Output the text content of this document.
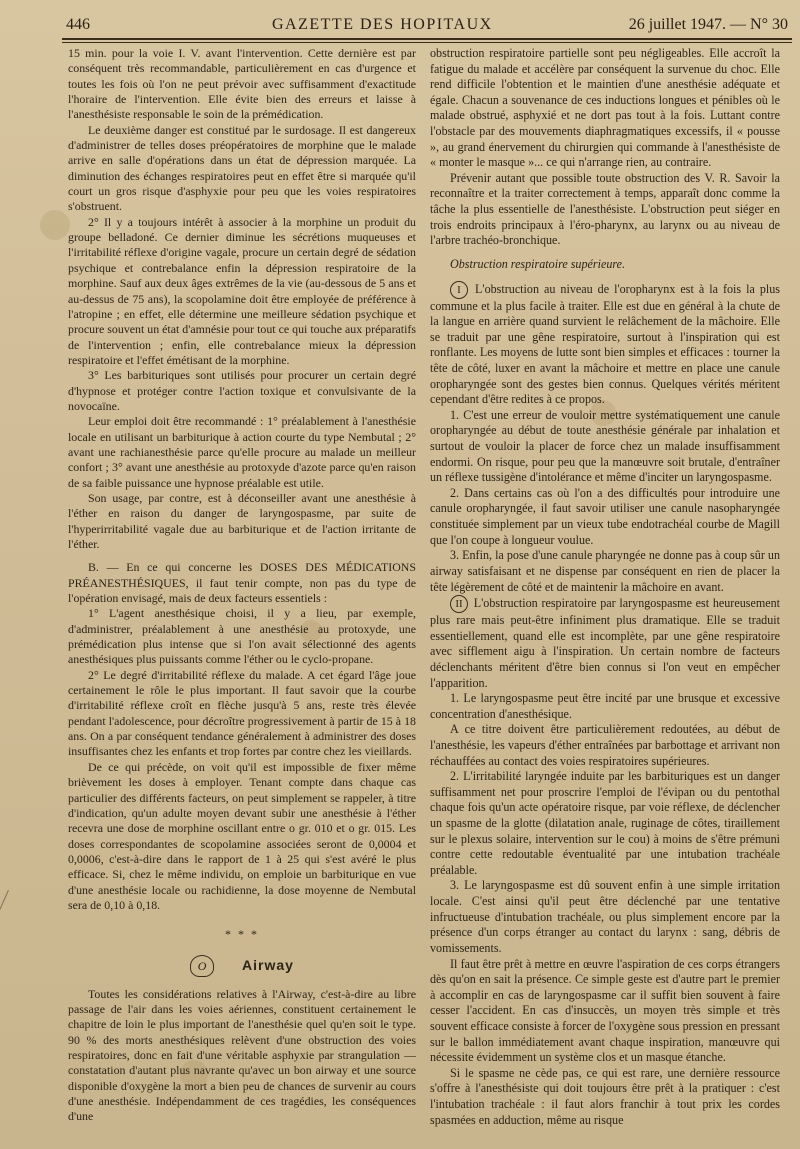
446	GAZETTE DES HOPITAUX	26 juillet 1947. — N° 30

15 min. pour la voie I. V. avant l'intervention. Cette dernière est par conséquent très recommandable, particulièrement en cas d'urgence et toutes les fois où l'on ne peut prévoir avec suffisamment d'exactitude l'horaire de l'intervention. Elle évite bien des erreurs et laisse à l'anesthésiste responsable le soin de la prémédication.

Le deuxième danger est constitué par le surdosage. Il est dangereux d'administrer de telles doses préopératoires de morphine que le malade arrive en salle d'opérations dans un état de dépression marquée. La diminution des échanges respiratoires peut en effet être si marquée qu'il court un gros risque d'asphyxie pour peu que les voies respiratoires s'obstruent.

2° Il y a toujours intérêt à associer à la morphine un produit du groupe belladoné. Ce dernier diminue les sécrétions muqueuses et l'irritabilité réflexe d'origine vagale, procure un certain degré de sédation psychique et contrebalance enfin la dépression respiratoire de la morphine. Sauf aux deux âges extrêmes de la vie (au-dessous de 5 ans et au-dessus de 75 ans), la scopolamine doit être employée de préférence à l'atropine ; en effet, elle détermine une meilleure sédation psychique et procure souvent un état d'amnésie pour tout ce qui touche aux préparatifs de l'intervention ; enfin, elle contrebalance mieux la dépression respiratoire et l'effet émétisant de la morphine.

3° Les barbituriques sont utilisés pour procurer un certain degré d'hypnose et protéger contre l'action toxique et convulsivante de la novocaïne.

Leur emploi doit être recommandé : 1° préalablement à l'anesthésie locale en utilisant un barbiturique à action courte du type Nembutal ; 2° avant une rachianesthésie parce qu'elle procure au malade un meilleur confort ; 3° avant une anesthésie au protoxyde d'azote parce qu'en raison de sa faible puissance une hypnose préalable est utile.

Son usage, par contre, est à déconseiller avant une anesthésie à l'éther en raison du danger de laryngospasme, par suite de l'hyperirritabilité vagale due au barbiturique et de l'action irritante de l'éther.

B. — En ce qui concerne les DOSES DES MÉDICATIONS PRÉANESTHÉSIQUES, il faut tenir compte, non pas du type de l'opération envisagé, mais de deux facteurs essentiels :

1° L'agent anesthésique choisi, il y a lieu, par exemple, d'administrer, préalablement à une anesthésie au protoxyde, une prémédication plus intense que si l'on avait sélectionné des agents anesthésiques plus puissants comme l'éther ou le cyclo-propane.

2° Le degré d'irritabilité réflexe du malade. A cet égard l'âge joue certainement le rôle le plus important. Il faut savoir que la courbe d'irritabilité réflexe croît en flèche jusqu'à 5 ans, reste très élevée pendant l'adolescence, pour décroître progressivement à partir de 15 à 18 ans. On a par conséquent tendance généralement à administrer des doses insuffisantes chez les enfants et trop fortes par contre chez les vieillards.

De ce qui précède, on voit qu'il est impossible de fixer même brièvement les doses à employer. Tenant compte dans chaque cas particulier des différents facteurs, on peut simplement se rappeler, à titre d'indication, qu'un adulte moyen devant subir une anesthésie à l'éther recevra une dose de morphine oscillant entre o gr. 010 et o gr. 015. Les doses correspondantes de scopolamine associées seront de 0,0004 et 0,0006, c'est-à-dire dans le rapport de 1 à 25 qui s'est avéré le plus efficace. Si, chez le même individu, on emploie un barbiturique en vue d'une anesthésie locale ou rachidienne, la dose moyenne de Nembutal sera de 0,10 à 0,18.

* * *
O	Airway

Toutes les considérations relatives à l'Airway, c'est-à-dire au libre passage de l'air dans les voies aériennes, constituent certainement le chapitre de loin le plus important de l'anesthésie quel qu'en soit le type. 90 % des morts anesthésiques relèvent d'une obstruction des voies respiratoires, donc en fait d'une véritable asphyxie par strangulation — constatation d'autant plus navrante qu'avec un bon airway et une source disponible d'oxygène la mort a bien peu de chances de survenir au cours d'une anesthésie. Indépendamment de ces tragédies, les conséquences d'une

obstruction respiratoire partielle sont peu négligeables. Elle accroît la fatigue du malade et accélère par conséquent la survenue du choc. Elle rend difficile l'obtention et le maintien d'une anesthésie adéquate et égale. Chacun a souvenance de ces inductions longues et pénibles où le malade obstrué, asphyxié et ne dort pas tout à la fois. Luttant contre l'obstacle par des mouvements diaphragmatiques excessifs, il « pousse », au grand énervement du chirurgien qui commande à l'anesthésiste de « monter le masque »... ce qui n'arrange rien, au contraire.

Prévenir autant que possible toute obstruction des V. R. Savoir la reconnaître et la traiter correctement à temps, apparaît donc comme la tâche la plus essentielle de l'anesthésiste. L'obstruction peut siéger en trois endroits principaux à l'éro-pharynx, au larynx ou au niveau de l'arbre trachéo-bronchique.

Obstruction respiratoire supérieure.

I L'obstruction au niveau de l'oropharynx est à la fois la plus commune et la plus facile à traiter. Elle est due en général à la chute de la langue en arrière quand survient le relâchement de la mâchoire. Elle se traduit par une gêne respiratoire, surtout à l'inspiration qui est ronflante. Les moyens de lutte sont bien simples et efficaces : tourner la tête de côté, luxer en avant la mâchoire et mettre en place une canule oropharyngée sont des gestes bien connus. Quelques vérités méritent cependant d'être redites à ce propos.

1. C'est une erreur de vouloir mettre systématiquement une canule oropharyngée au début de toute anesthésie générale par inhalation et surtout de vouloir la placer de force chez un malade insuffisamment endormi. On risque, pour peu que la manœuvre soit brutale, d'entraîner un réflexe tussigène d'intolérance et même d'inciter un laryngospasme.

2. Dans certains cas où l'on a des difficultés pour introduire une canule oropharyngée, il faut savoir utiliser une canule nasopharyngée constituée simplement par un vieux tube endotrachéal courbe de Magill que l'on coupe à longueur voulue.

3. Enfin, la pose d'une canule pharyngée ne donne pas à coup sûr un airway satisfaisant et ne dispense par conséquent en rien de placer la tête légèrement de côté et de maintenir la mâchoire en avant.

II L'obstruction respiratoire par laryngospasme est heureusement plus rare mais peut-être infiniment plus dramatique. Elle se traduit essentiellement, quand elle est incomplète, par une gêne respiratoire avec sifflement aigu à l'inspiration. Un certain nombre de facteurs déclenchants méritent d'être bien connus si l'on veut en empêcher l'apparition.

1. Le laryngospasme peut être incité par une brusque et excessive concentration d'anesthésique.

A ce titre doivent être particulièrement redoutées, au début de l'anesthésie, les vapeurs d'éther entraînées par barbottage et arrivant non réchauffées au contact des voies respiratoires supérieures.

2. L'irritabilité laryngée induite par les barbituriques est un danger suffisamment net pour proscrire l'emploi de l'évipan ou du pentothal chaque fois qu'un acte opératoire risque, par voie réflexe, de déclencher un spasme de la glotte (dilatation anale, ruginage de côtes, tiraillement sur le plexus solaire, intervention sur le cou) à moins de s'être prémuni contre cette redoutable éventualité par une intubation trachéale préalable.

3. Le laryngospasme est dû souvent enfin à une simple irritation locale. C'est ainsi qu'il peut être déclenché par une tentative infructueuse d'intubation trachéale, ou plus simplement encore par la présence d'un corps étranger au contact du larynx : sang, débris de vomissements.

Il faut être prêt à mettre en œuvre l'aspiration de ces corps étrangers dès qu'on en sait la présence. Ce simple geste est d'autre part le premier à accomplir en cas de laryngospasme car il suffit bien souvent à faire cesser l'accident. En cas d'insuccès, un moyen très simple et très souvent efficace consiste à forcer de l'oxygène sous pression en pressant sur le ballon immédiatement avant chaque inspiration, manœuvre qui nécessite évidemment un système clos et un masque étanche.

Si le spasme ne cède pas, ce qui est rare, une dernière ressource s'offre à l'anesthésiste qui doit toujours être prêt à la pratiquer : c'est l'intubation trachéale : il faut alors franchir à tout prix les cordes spasmées en adduction, même au risque
